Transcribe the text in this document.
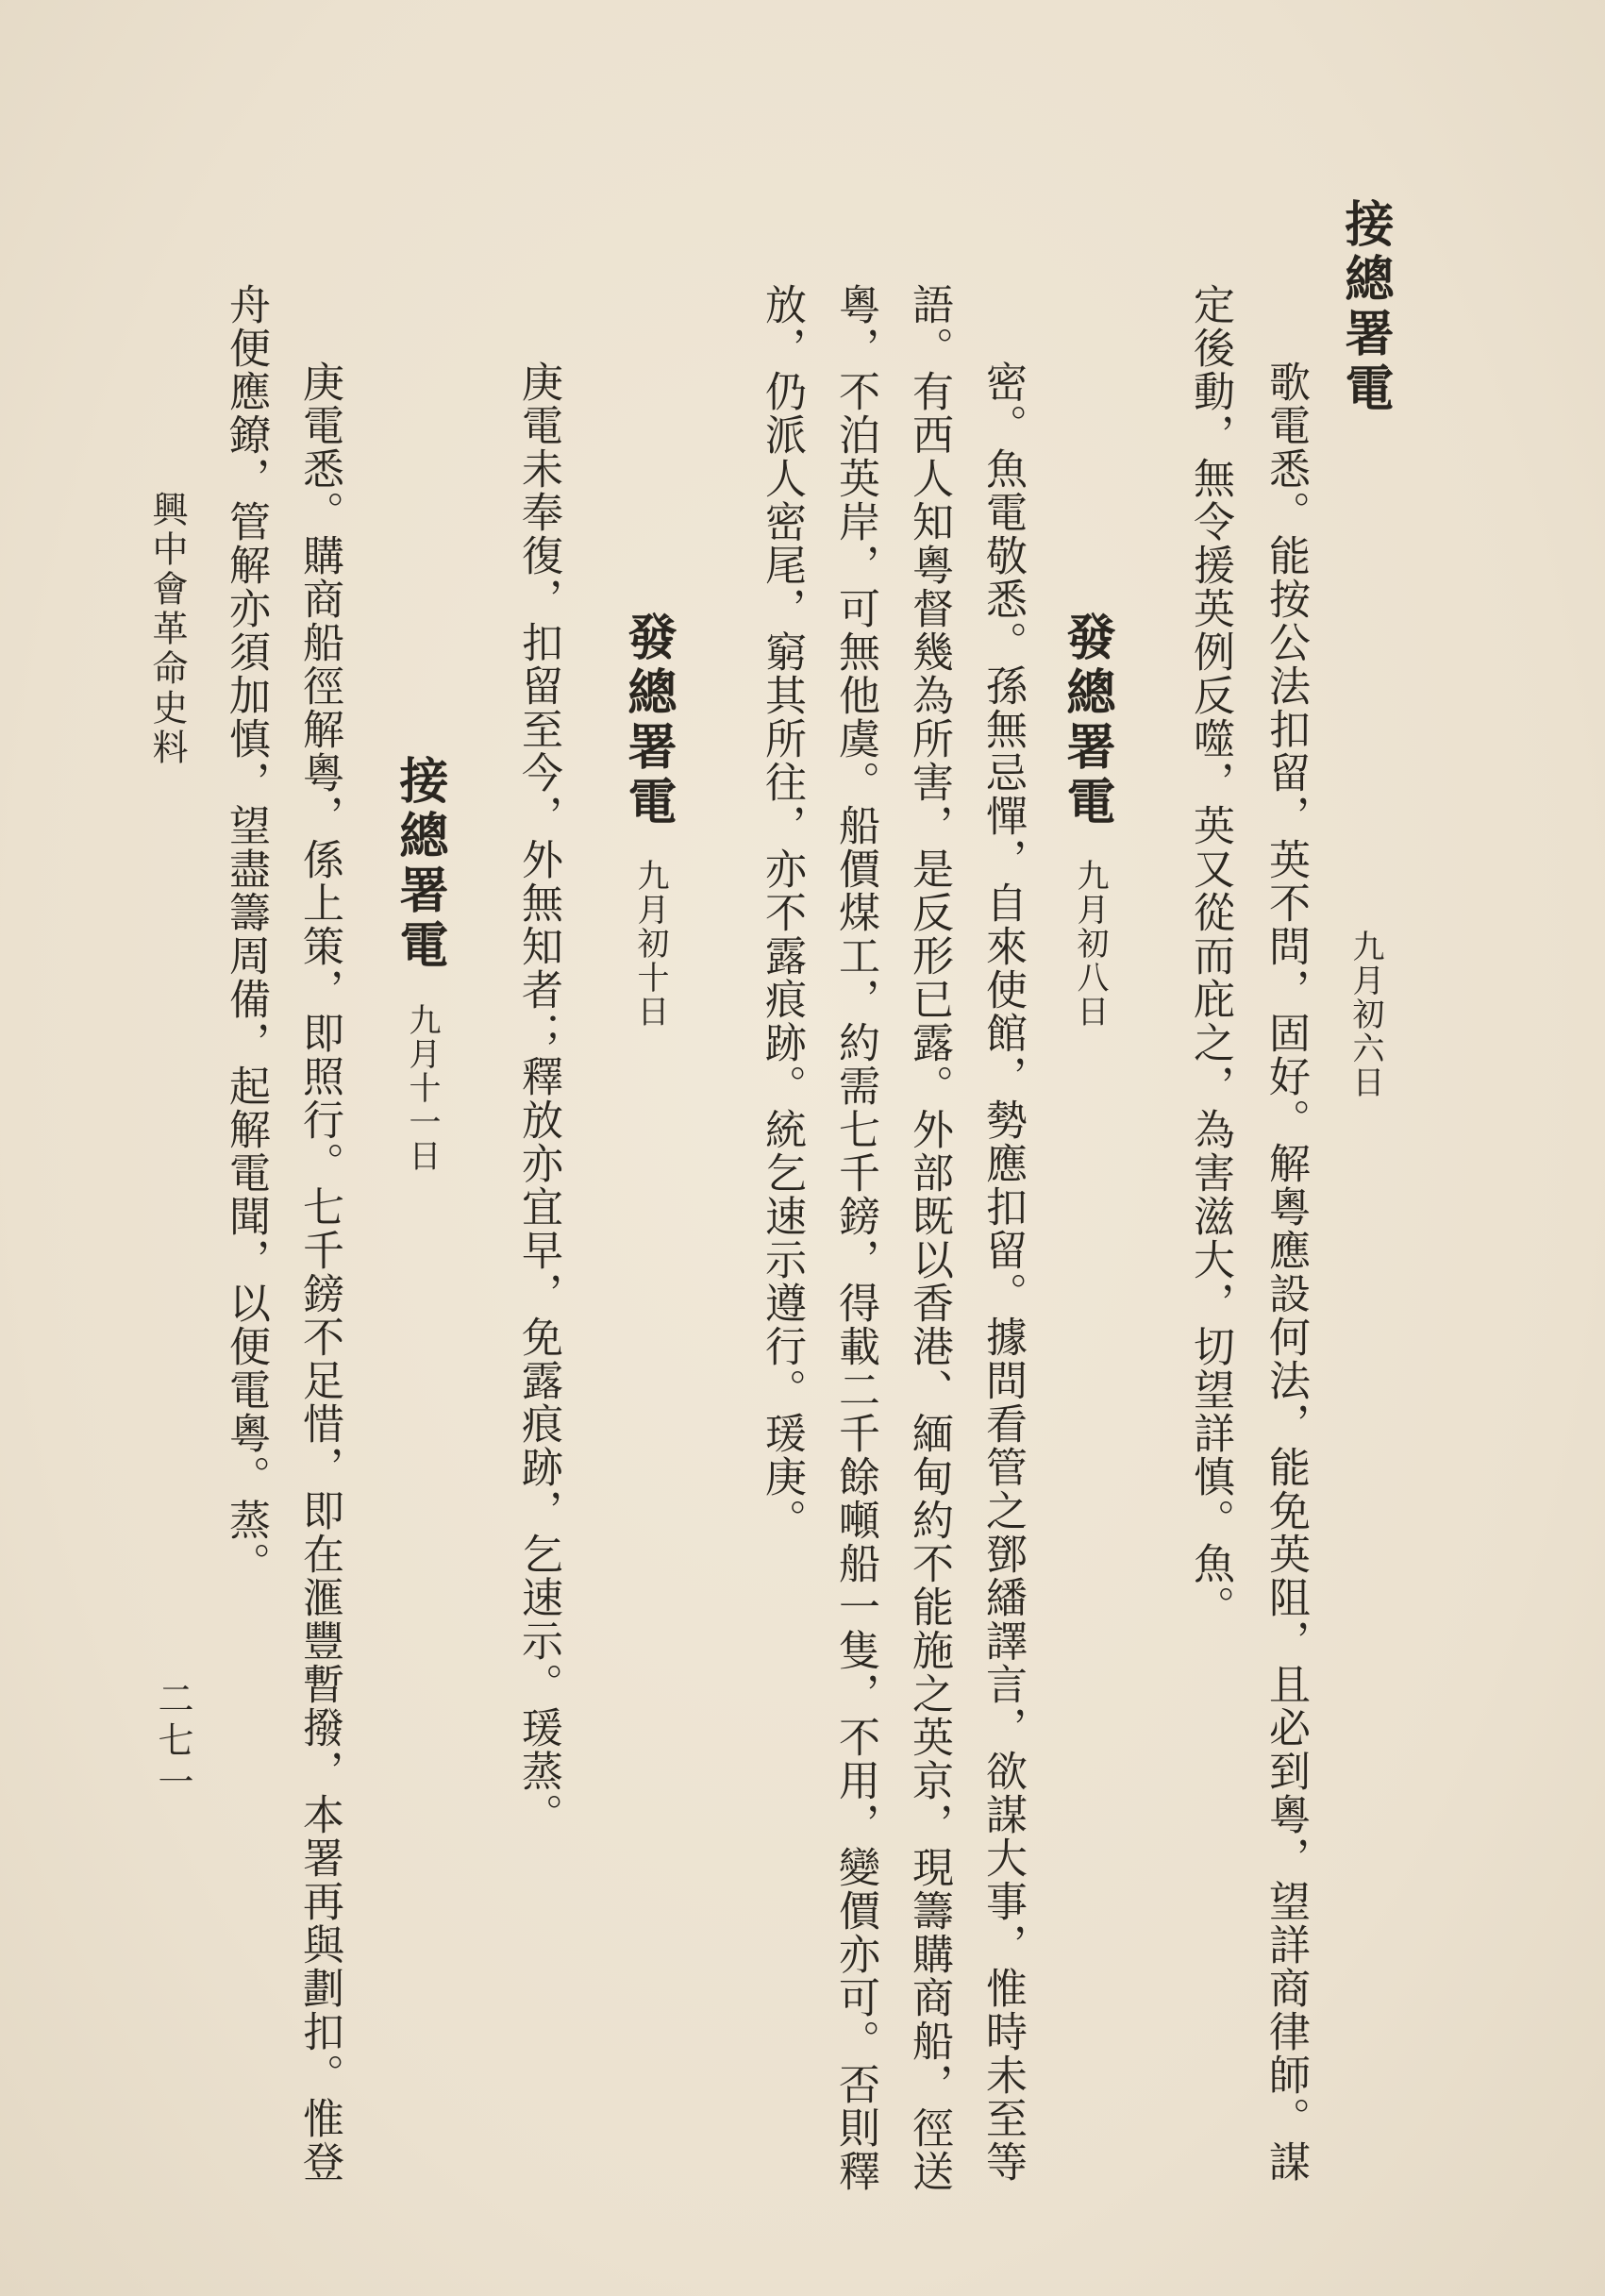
接總署電
九月初六日
歌電悉。能按公法扣留，英不問，固好。解粵應設何法，能免英阻，且必到粵，望詳商律師。謀
定後動，無令援英例反噬，英又從而庇之，為害滋大，切望詳慎。魚。
發總署電
九月初八日
密。魚電敬悉。孫無忌憚，自來使館，勢應扣留。據問看管之鄧繙譯言，欲謀大事，惟時未至等
語。有西人知粵督幾為所害，是反形已露。外部既以香港、緬甸約不能施之英京，現籌購商船，徑送
粵，不泊英岸，可無他虞。船價煤工，約需七千鎊，得載二千餘噸船一隻，不用，變價亦可。否則釋
放，仍派人密尾，窮其所往，亦不露痕跡。統乞速示遵行。瑗庚。
發總署電
九月初十日
庚電未奉復，扣留至今，外無知者；釋放亦宜早，免露痕跡，乞速示。瑗蒸。
接總署電
九月十一日
庚電悉。購商船徑解粵，係上策，即照行。七千鎊不足惜，即在滙豐暫撥，本署再與劃扣。惟登
舟便應鐐，管解亦須加慎，望盡籌周備，起解電聞，以便電粵。蒸。
興中會革命史料
二七一
